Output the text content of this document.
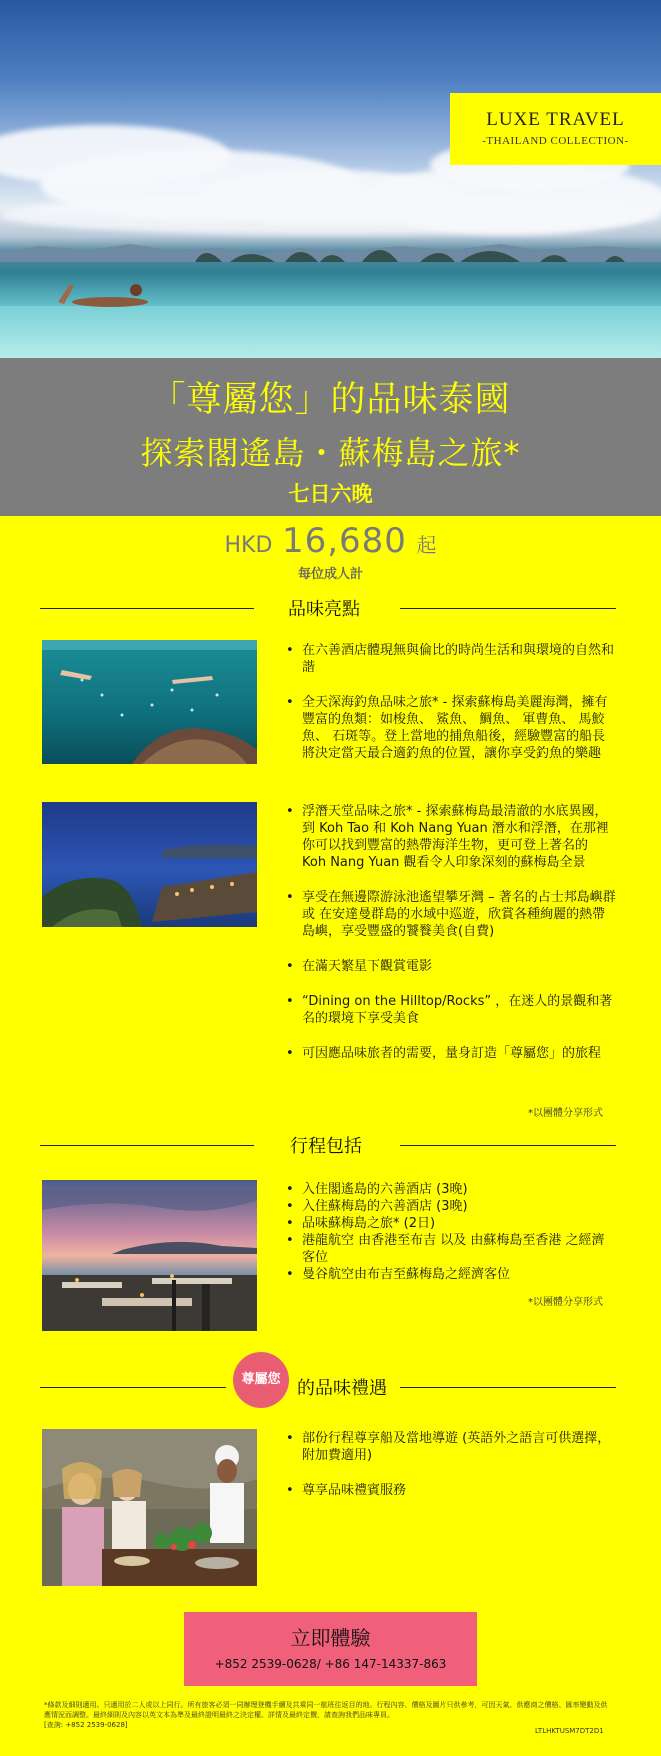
LUXE TRAVEL
-THAILAND COLLECTION-
「尊屬您」的品味泰國
探索閣遙島・蘇梅島之旅*
七日六晚
HKD 16,680 起
每位成人計
品味亮點
• 在六善酒店體現無與倫比的時尚生活和與環境的自然和諧
• 全天深海釣魚品味之旅* - 探索蘇梅島美麗海灣，擁有豐富的魚類：如梭魚、 鯊魚、 鯛魚、 軍曹魚、 馬鮫魚、 石斑等。登上當地的捕魚船後，經驗豐富的船長將決定當天最合適釣魚的位置，讓你享受釣魚的樂趣
• 浮潛天堂品味之旅* - 探索蘇梅島最清澈的水底異國，到 Koh Tao 和 Koh Nang Yuan 潛水和浮潛，在那裡你可以找到豐富的熱帶海洋生物，更可登上著名的 Koh Nang Yuan 觀看令人印象深刻的蘇梅島全景
• 享受在無邊際游泳池遙望攀牙灣 – 著名的占士邦島嶼群 或 在安達曼群島的水域中巡遊，欣賞各種絢麗的熱帶島嶼，享受豐盛的饕餮美食(自費)
• 在滿天繁星下觀賞電影
• “Dining on the Hilltop/Rocks” ，在迷人的景觀和著名的環境下享受美食
• 可因應品味旅者的需要，量身訂造「尊屬您」的旅程
*以團體分享形式
行程包括
• 入住閣遙島的六善酒店 (3晚)
• 入住蘇梅島的六善酒店 (3晚)
• 品味蘇梅島之旅* (2日)
• 港龍航空 由香港至布吉 以及 由蘇梅島至香港 之經濟客位
• 曼谷航空由布吉至蘇梅島之經濟客位
*以團體分享形式
的品味禮遇
尊屬您
• 部份行程尊享船及當地導遊 (英語外之語言可供選擇，附加費適用)
• 尊享品味禮賓服務
立即體驗
+852 2539-0628/ +86 147-14337-863
*條款及細則適用。只適用於二人或以上同行。所有旅客必須一同辦理登機手續及共乘同一航班往返目的地。行程內容、價格及圖片只供參考，可因天氣、供應商之價格、匯率變動及供應情況而調整。最終細則及內容以英文本為準及最終證明最終之決定權。詳情及最終定價，請查詢我們品味專員。
[查詢: +852 2539-0628]
LTLHKTUSM7DT2D1
